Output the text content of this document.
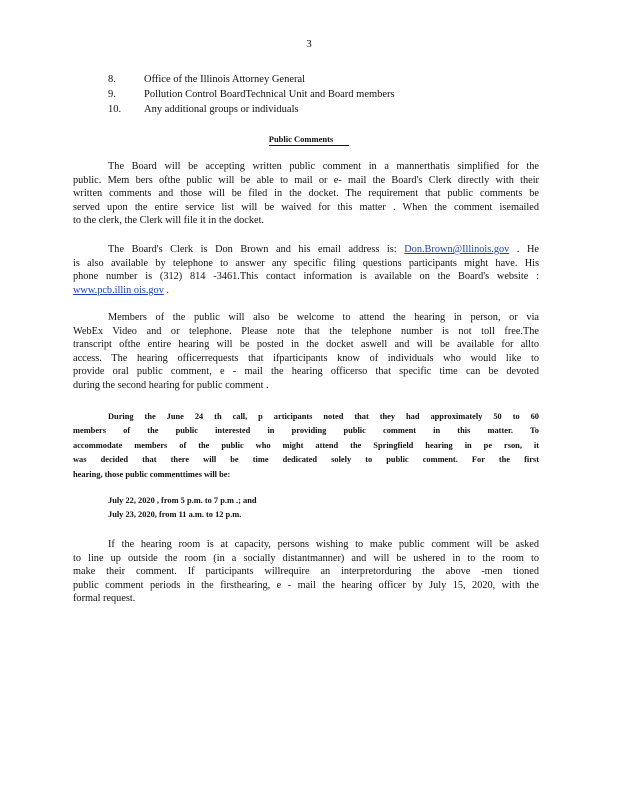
3
8.	Office of the Illinois Attorney General
9.	Pollution Control BoardTechnical Unit and Board members
10.	Any additional groups or individuals
Public Comments
The Board will be accepting written public comment in a mannerthatis simplified for the
public. Mem bers ofthe public will be able to mail or e- mail the Board's Clerk directly with their
written comments and those will be filed in the docket. The requirement that public comments be
served upon the entire service list will be waived for this matter . When the comment isemailed
to the clerk, the Clerk will file it in the docket.
The Board's Clerk is Don Brown and his email address is: Don.Brown@Illinois.gov . He
is also available by telephone to answer any specific filing questions participants might have. His
phone number is (312) 814 -3461.This contact information is available on the Board's website :
www.pcb.illin ois.gov .
Members of the public will also be welcome to attend the hearing in person, or via
WebEx Video and or telephone. Please note that the telephone number is not toll free.The
transcript ofthe entire hearing will be posted in the docket aswell and will be available for allto
access. The hearing officerrequests that ifparticipants know of individuals who would like to
provide oral public comment, e - mail the hearing officerso that specific time can be devoted
during the second hearing for public comment .
During the June 24 th call, p articipants noted that they had approximately 50 to 60
members of the public interested in providing public comment in this matter. To
accommodate members of the public who might attend the Springfield hearing in pe rson, it
was decided that there will be time dedicated solely to public comment. For the first
hearing, those public commenttimes will be:
July 22, 2020 , from 5 p.m. to 7 p.m .; and
July 23, 2020, from 11 a.m. to 12 p.m.
If the hearing room is at capacity, persons wishing to make public comment will be asked
to line up outside the room (in a socially distantmanner) and will be ushered in to the room to
make their comment. If participants willrequire an interpretorduring the above -men tioned
public comment periods in the firsthearing, e - mail the hearing officer by July 15, 2020, with the
formal request.
